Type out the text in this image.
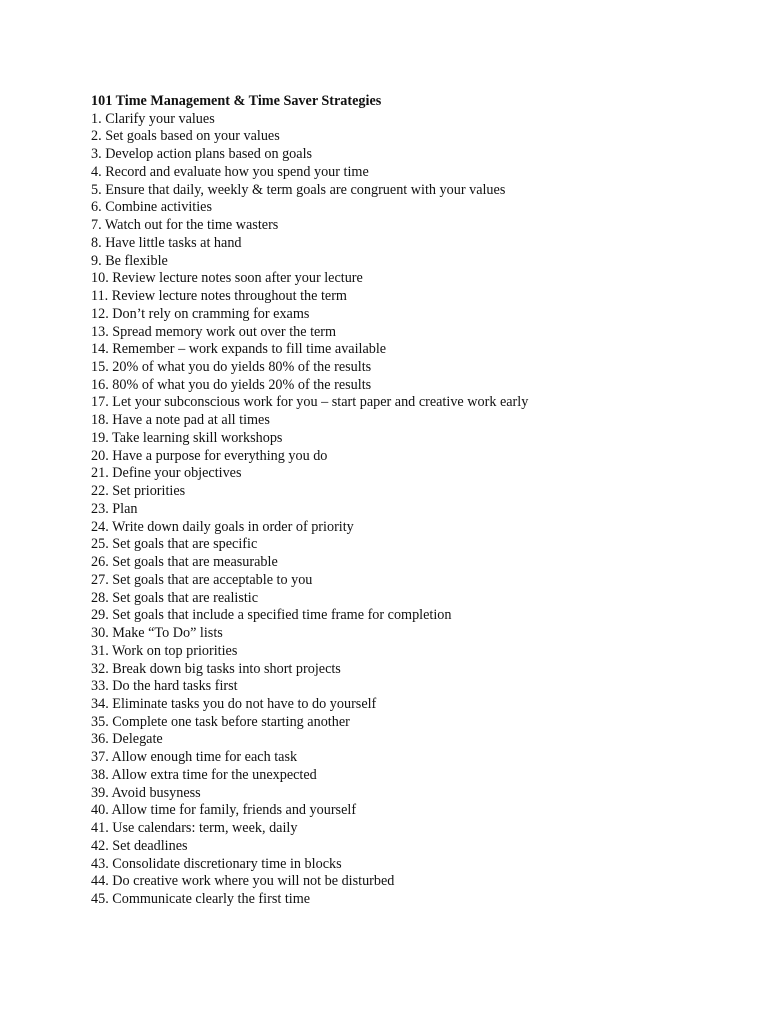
101 Time Management & Time Saver Strategies
1. Clarify your values
2. Set goals based on your values
3. Develop action plans based on goals
4. Record and evaluate how you spend your time
5. Ensure that daily, weekly & term goals are congruent with your values
6. Combine activities
7. Watch out for the time wasters
8. Have little tasks at hand
9. Be flexible
10. Review lecture notes soon after your lecture
11. Review lecture notes throughout the term
12. Don’t rely on cramming for exams
13. Spread memory work out over the term
14. Remember – work expands to fill time available
15. 20% of what you do yields 80% of the results
16. 80% of what you do yields 20% of the results
17. Let your subconscious work for you – start paper and creative work early
18. Have a note pad at all times
19. Take learning skill workshops
20. Have a purpose for everything you do
21. Define your objectives
22. Set priorities
23. Plan
24. Write down daily goals in order of priority
25. Set goals that are specific
26. Set goals that are measurable
27. Set goals that are acceptable to you
28. Set goals that are realistic
29. Set goals that include a specified time frame for completion
30. Make “To Do” lists
31. Work on top priorities
32. Break down big tasks into short projects
33. Do the hard tasks first
34. Eliminate tasks you do not have to do yourself
35. Complete one task before starting another
36. Delegate
37. Allow enough time for each task
38. Allow extra time for the unexpected
39. Avoid busyness
40. Allow time for family, friends and yourself
41. Use calendars: term, week, daily
42. Set deadlines
43. Consolidate discretionary time in blocks
44. Do creative work where you will not be disturbed
45. Communicate clearly the first time
